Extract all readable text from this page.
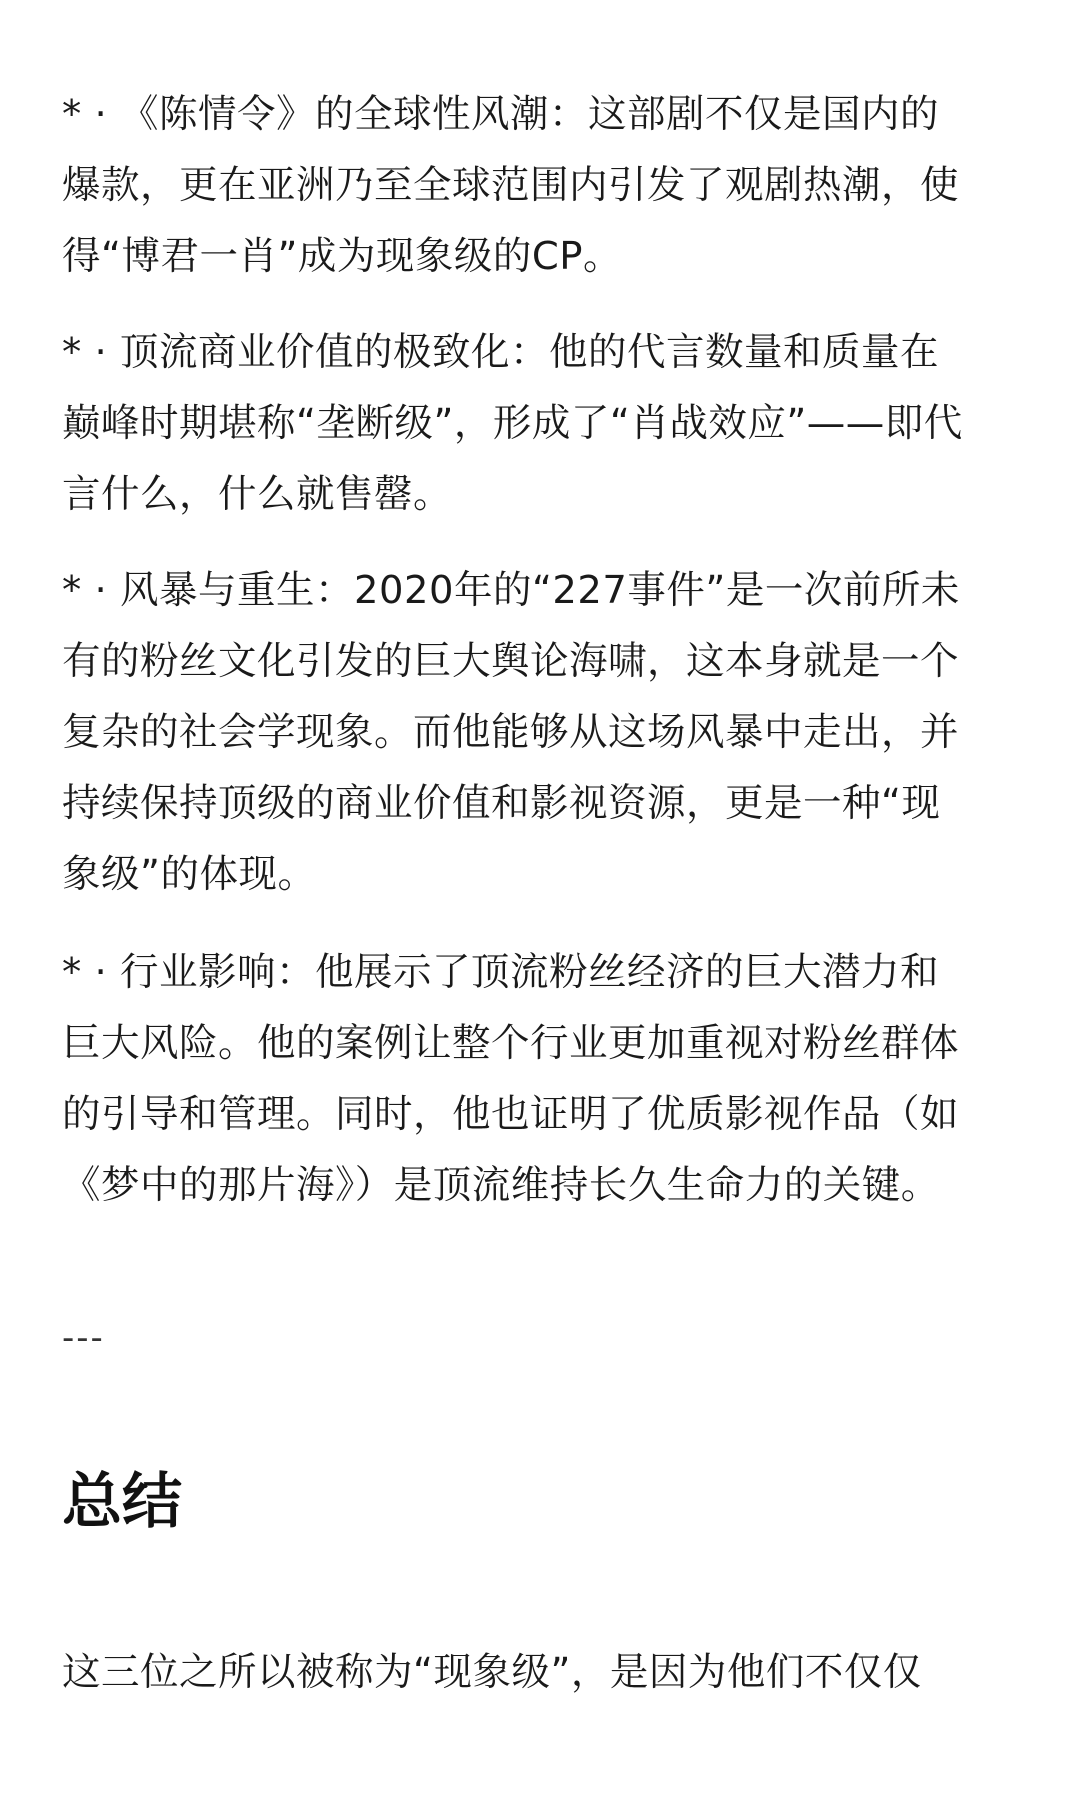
* · 《陈情令》的全球性风潮：这部剧不仅是国内的
爆款，更在亚洲乃至全球范围内引发了观剧热潮，使
得“博君一肖”成为现象级的CP。

* · 顶流商业价值的极致化：他的代言数量和质量在
巅峰时期堪称“垄断级”，形成了“肖战效应”——即代
言什么，什么就售罄。

* · 风暴与重生：2020年的“227事件”是一次前所未
有的粉丝文化引发的巨大舆论海啸，这本身就是一个
复杂的社会学现象。而他能够从这场风暴中走出，并
持续保持顶级的商业价值和影视资源，更是一种“现
象级”的体现。

* · 行业影响：他展示了顶流粉丝经济的巨大潜力和
巨大风险。他的案例让整个行业更加重视对粉丝群体
的引导和管理。同时，他也证明了优质影视作品（如
《梦中的那片海》）是顶流维持长久生命力的关键。

---
总结

这三位之所以被称为“现象级”，是因为他们不仅仅
